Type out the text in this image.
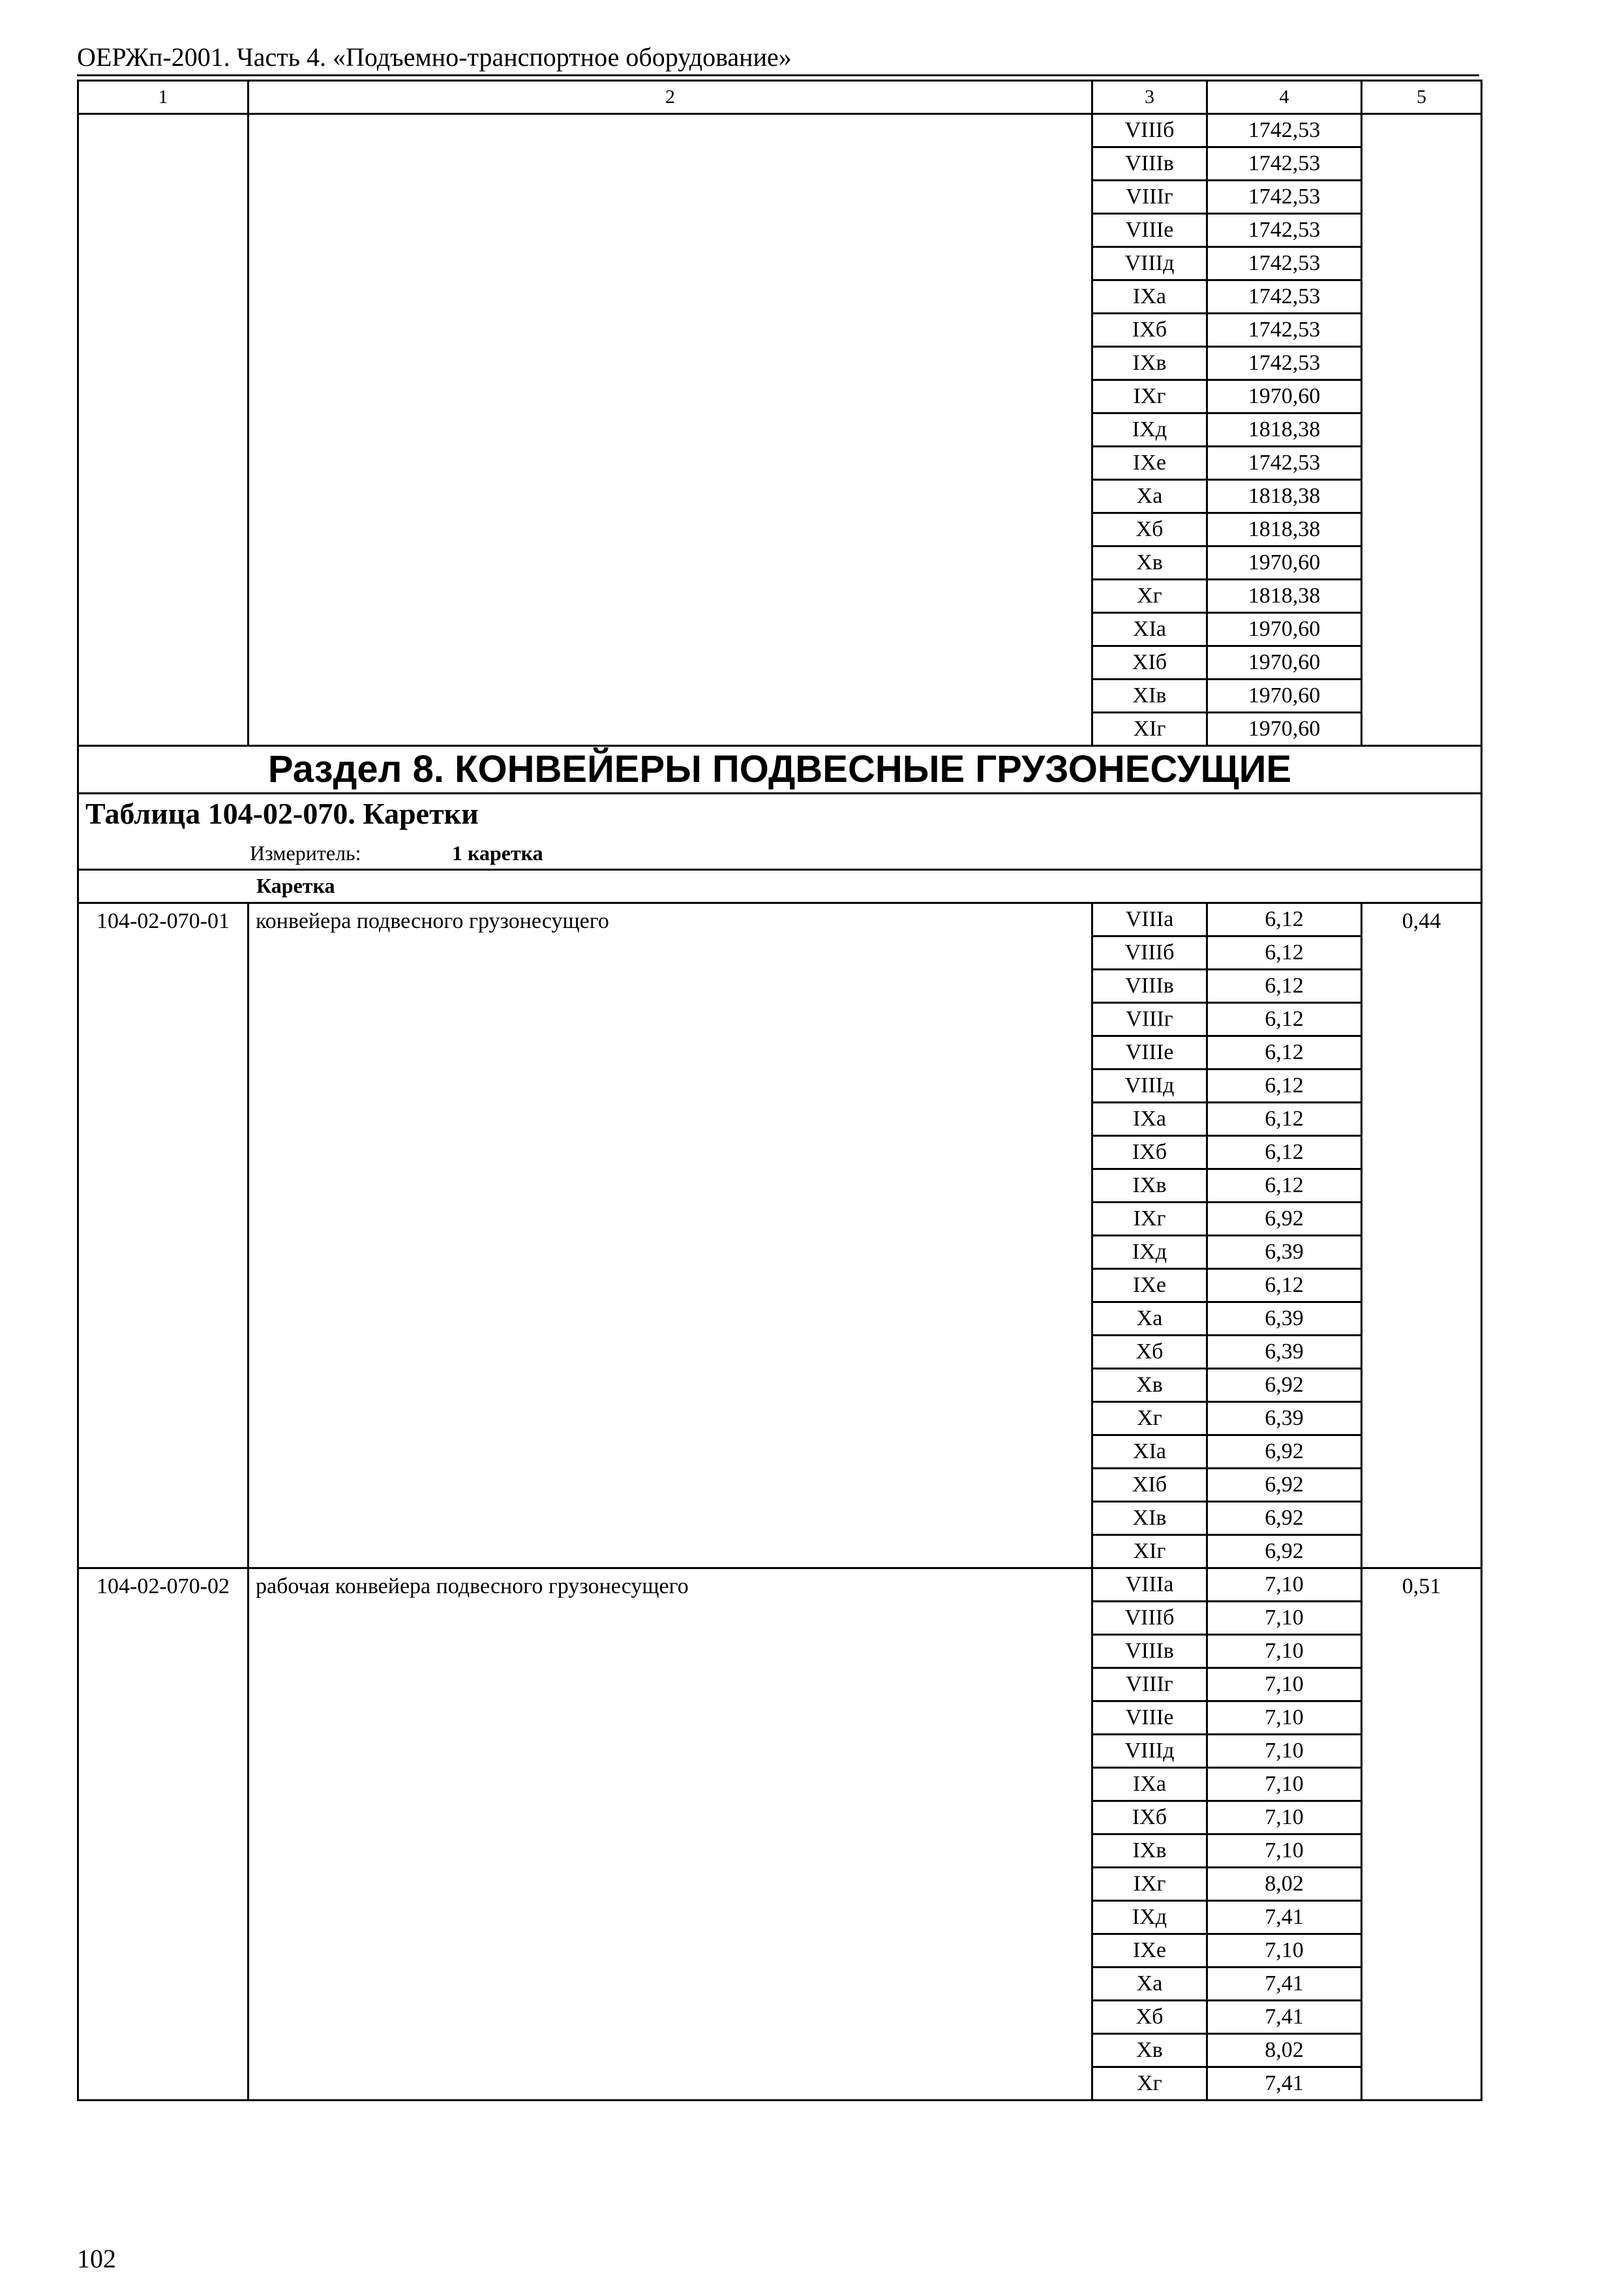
ОЕРЖп-2001. Часть 4. «Подъемно-транспортное оборудование»
1	2	3	4	5
		VIIIб	1742,53	
		VIIIв	1742,53	
		VIIIг	1742,53	
		VIIIе	1742,53	
		VIIIд	1742,53	
		IXа	1742,53	
		IXб	1742,53	
		IXв	1742,53	
		IXг	1970,60	
		IXд	1818,38	
		IXе	1742,53	
		Xа	1818,38	
		Xб	1818,38	
		Xв	1970,60	
		Xг	1818,38	
		XIа	1970,60	
		XIб	1970,60	
		XIв	1970,60	
		XIг	1970,60	
Раздел 8. КОНВЕЙЕРЫ ПОДВЕСНЫЕ ГРУЗОНЕСУЩИЕ				

Таблица 104-02-070. Каретки
Измеритель: 1 каретка				

Каретка				
104-02-070-01	конвейера подвесного грузонесущего	VIIIа	6,12	0,44
		VIIIб	6,12	
		VIIIв	6,12	
		VIIIг	6,12	
		VIIIе	6,12	
		VIIIд	6,12	
		IXа	6,12	
		IXб	6,12	
		IXв	6,12	
		IXг	6,92	
		IXд	6,39	
		IXе	6,12	
		Xа	6,39	
		Xб	6,39	
		Xв	6,92	
		Xг	6,39	
		XIа	6,92	
		XIб	6,92	
		XIв	6,92	
		XIг	6,92	
104-02-070-02	рабочая конвейера подвесного грузонесущего	VIIIа	7,10	0,51
		VIIIб	7,10	
		VIIIв	7,10	
		VIIIг	7,10	
		VIIIе	7,10	
		VIIIд	7,10	
		IXа	7,10	
		IXб	7,10	
		IXв	7,10	
		IXг	8,02	
		IXд	7,41	
		IXе	7,10	
		Xа	7,41	
		Xб	7,41	
		Xв	8,02	
		Xг	7,41	
102
